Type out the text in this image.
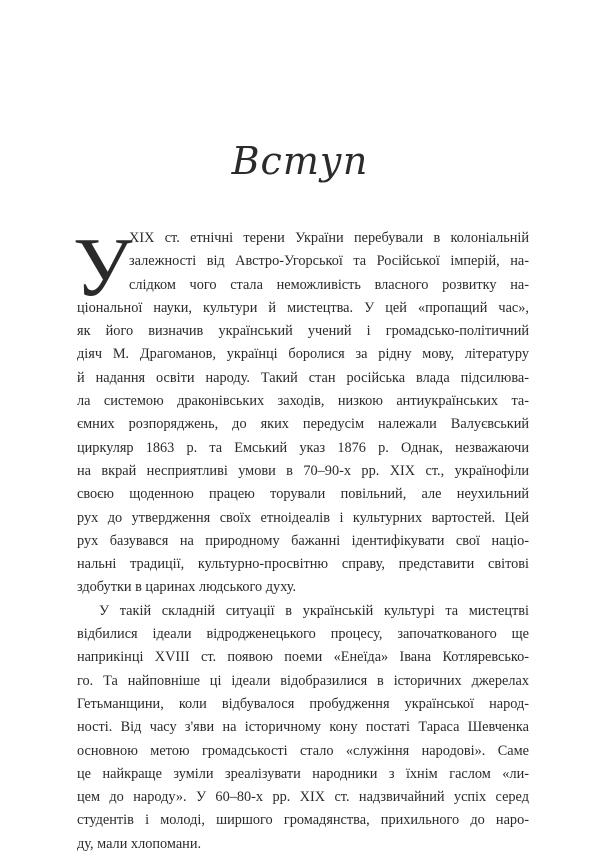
Вступ
У
XIX ст. етнічні терени України перебували в колоніальній
залежності від Австро-Угорської та Російської імперій, на-
слідком чого стала неможливість власного розвитку на-
ціональної науки, культури й мистецтва. У цей «пропащий час»,
як його визначив український учений і громадсько-політичний
діяч М. Драгоманов, українці боролися за рідну мову, літературу
й надання освіти народу. Такий стан російська влада підсилюва-
ла системою драконівських заходів, низкою антиукраїнських та-
ємних розпоряджень, до яких передусім належали Валуєвський
циркуляр 1863 р. та Емський указ 1876 р. Однак, незважаючи
на вкрай несприятливі умови в 70–90-х рр. XIX ст., українофіли
своєю щоденною працею торували повільний, але неухильний
рух до утвердження своїх етноідеалів і культурних вартостей. Цей
рух базувався на природному бажанні ідентифікувати свої націо-
нальні традиції, культурно-просвітню справу, представити світові
здобутки в царинах людського духу.
У такій складній ситуації в українській культурі та мистецтві
відбилися ідеали відродженецького процесу, започаткованого ще
наприкінці XVIII ст. появою поеми «Енеїда» Івана Котляревсько-
го. Та найповніше ці ідеали відобразилися в історичних джерелах
Гетьманщини, коли відбувалося пробудження української народ-
ності. Від часу з'яви на історичному кону постаті Тараса Шевченка
основною метою громадськості стало «служіння народові». Саме
це найкраще зуміли зреалізувати народники з їхнім гаслом «ли-
цем до народу». У 60–80-х рр. XIX ст. надзвичайний успіх серед
студентів і молоді, ширшого громадянства, прихильного до наро-
ду, мали хлопомани.
